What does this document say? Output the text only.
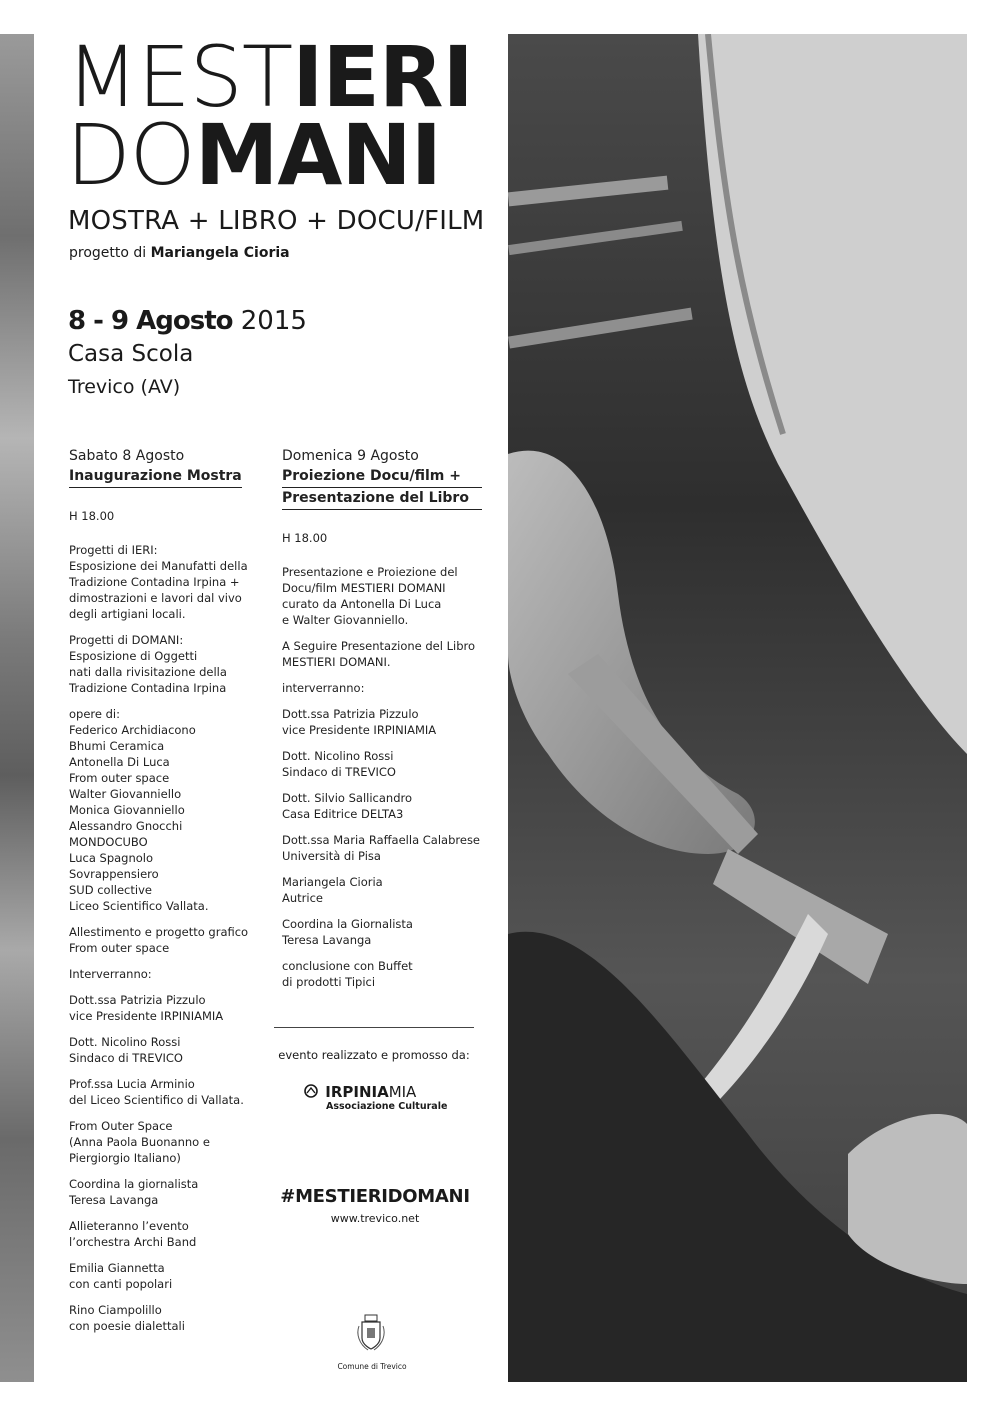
MESTIERI
DOMANI
MOSTRA + LIBRO + DOCU/FILM
progetto di Mariangela Cioria
8 - 9 Agosto 2015
Casa Scola
Trevico (AV)
Sabato 8 Agosto
Inaugurazione Mostra

H 18.00

Progetti di IERI:
Esposizione dei Manufatti della
Tradizione Contadina Irpina +
dimostrazioni e lavori dal vivo
degli artigiani locali.

Progetti di DOMANI:
Esposizione di Oggetti
nati dalla rivisitazione della
Tradizione Contadina Irpina

opere di:
Federico Archidiacono
Bhumi Ceramica
Antonella Di Luca
From outer space
Walter Giovanniello
Monica Giovanniello
Alessandro Gnocchi
MONDOCUBO
Luca Spagnolo
Sovrappensiero
SUD collective
Liceo Scientifico Vallata.

Allestimento e progetto grafico
From outer space

Interverranno:

Dott.ssa Patrizia Pizzulo
vice Presidente IRPINIAMIA

Dott. Nicolino Rossi
Sindaco di TREVICO

Prof.ssa Lucia Arminio
del Liceo Scientifico di Vallata.

From Outer Space
(Anna Paola Buonanno e
Piergiorgio Italiano)

Coordina la giornalista
Teresa Lavanga

Allieteranno l’evento
l’orchestra Archi Band

Emilia Giannetta
con canti popolari

Rino Ciampolillo
con poesie dialettali

Domenica 9 Agosto
Proiezione Docu/film +
Presentazione del Libro

H 18.00

Presentazione e Proiezione del
Docu/film MESTIERI DOMANI
curato da Antonella Di Luca
e Walter Giovanniello.

A Seguire Presentazione del Libro
MESTIERI DOMANI.

interverranno:

Dott.ssa Patrizia Pizzulo
vice Presidente IRPINIAMIA

Dott. Nicolino Rossi
Sindaco di TREVICO

Dott. Silvio Sallicandro
Casa Editrice DELTA3

Dott.ssa Maria Raffaella Calabrese
Università di Pisa

Mariangela Cioria
Autrice

Coordina la Giornalista
Teresa Lavanga

conclusione con Buffet
di prodotti Tipici

evento realizzato e promosso da:
IRPINIAMIA
Associazione Culturale
#MESTIERIDOMANI
www.trevico.net
Comune di Trevico
